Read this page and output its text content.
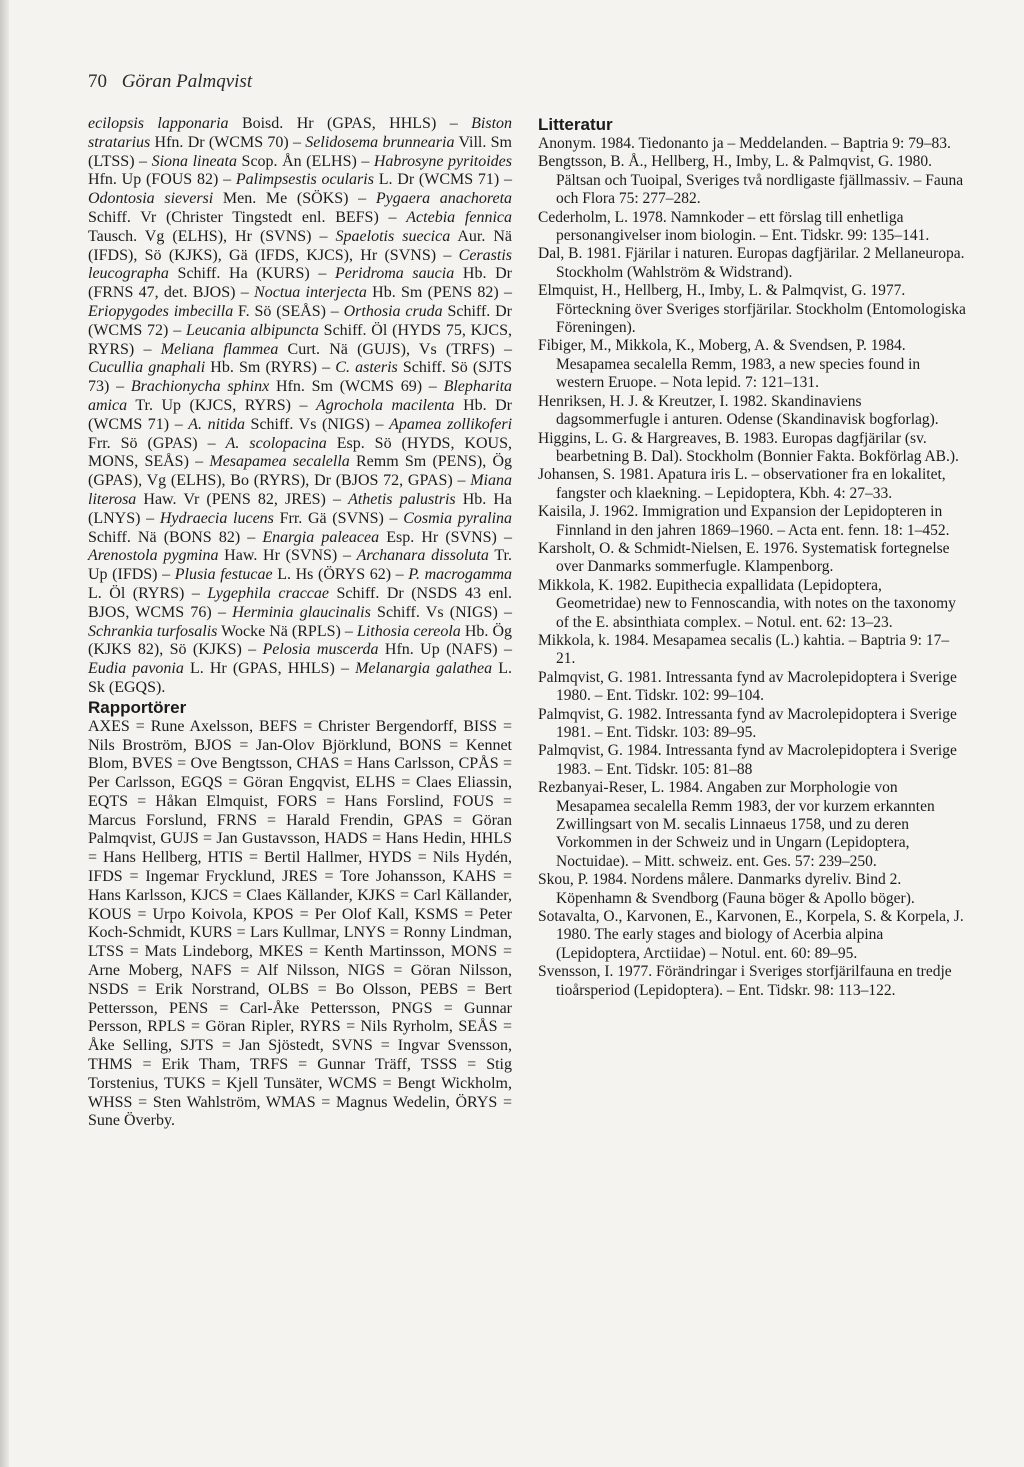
70 Göran Palmqvist

ecilopsis lapponaria Boisd. Hr (GPAS, HHLS) – Biston stratarius Hfn. Dr (WCMS 70) – Selidosema brunnearia Vill. Sm (LTSS) – Siona lineata Scop. Ån (ELHS) – Habrosyne pyritoides Hfn. Up (FOUS 82) – Palimpsestis ocularis L. Dr (WCMS 71) – Odontosia sieversi Men. Me (SÖKS) – Pygaera anachoreta Schiff. Vr (Christer Tingstedt enl. BEFS) – Actebia fennica Tausch. Vg (ELHS), Hr (SVNS) – Spaelotis suecica Aur. Nä (IFDS), Sö (KJKS), Gä (IFDS, KJCS), Hr (SVNS) – Cerastis leucographa Schiff. Ha (KURS) – Peridroma saucia Hb. Dr (FRNS 47, det. BJOS) – Noctua interjecta Hb. Sm (PENS 82) – Eriopygodes imbecilla F. Sö (SEÅS) – Orthosia cruda Schiff. Dr (WCMS 72) – Leucania albipuncta Schiff. Öl (HYDS 75, KJCS, RYRS) – Meliana flammea Curt. Nä (GUJS), Vs (TRFS) – Cucullia gnaphali Hb. Sm (RYRS) – C. asteris Schiff. Sö (SJTS 73) – Brachionycha sphinx Hfn. Sm (WCMS 69) – Blepharita amica Tr. Up (KJCS, RYRS) – Agrochola macilenta Hb. Dr (WCMS 71) – A. nitida Schiff. Vs (NIGS) – Apamea zollikoferi Frr. Sö (GPAS) – A. scolopacina Esp. Sö (HYDS, KOUS, MONS, SEÅS) – Mesapamea secalella Remm Sm (PENS), Ög (GPAS), Vg (ELHS), Bo (RYRS), Dr (BJOS 72, GPAS) – Miana literosa Haw. Vr (PENS 82, JRES) – Athetis palustris Hb. Ha (LNYS) – Hydraecia lucens Frr. Gä (SVNS) – Cosmia pyralina Schiff. Nä (BONS 82) – Enargia paleacea Esp. Hr (SVNS) – Arenostola pygmina Haw. Hr (SVNS) – Archanara dissoluta Tr. Up (IFDS) – Plusia festucae L. Hs (ÖRYS 62) – P. macrogamma L. Öl (RYRS) – Lygephila craccae Schiff. Dr (NSDS 43 enl. BJOS, WCMS 76) – Herminia glaucinalis Schiff. Vs (NIGS) – Schrankia turfosalis Wocke Nä (RPLS) – Lithosia cereola Hb. Ög (KJKS 82), Sö (KJKS) – Pelosia muscerda Hfn. Up (NAFS) – Eudia pavonia L. Hr (GPAS, HHLS) – Melanargia galathea L. Sk (EGQS).

Rapportörer

AXES = Rune Axelsson, BEFS = Christer Bergendorff, BISS = Nils Broström, BJOS = Jan-Olov Björklund, BONS = Kennet Blom, BVES = Ove Bengtsson, CHAS = Hans Carlsson, CPÅS = Per Carlsson, EGQS = Göran Engqvist, ELHS = Claes Eliassin, EQTS = Håkan Elmquist, FORS = Hans Forslind, FOUS = Marcus Forslund, FRNS = Harald Frendin, GPAS = Göran Palmqvist, GUJS = Jan Gustavsson, HADS = Hans Hedin, HHLS = Hans Hellberg, HTIS = Bertil Hallmer, HYDS = Nils Hydén, IFDS = Ingemar Frycklund, JRES = Tore Johansson, KAHS = Hans Karlsson, KJCS = Claes Källander, KJKS = Carl Källander, KOUS = Urpo Koivola, KPOS = Per Olof Kall, KSMS = Peter Koch-Schmidt, KURS = Lars Kullmar, LNYS = Ronny Lindman, LTSS = Mats Lindeborg, MKES = Kenth Martinsson, MONS = Arne Moberg, NAFS = Alf Nilsson, NIGS = Göran Nilsson, NSDS = Erik Norstrand, OLBS = Bo Olsson, PEBS = Bert Pettersson, PENS = Carl-Åke Pettersson, PNGS = Gunnar Persson, RPLS = Göran Ripler, RYRS = Nils Ryrholm, SEÅS = Åke Selling, SJTS = Jan Sjöstedt, SVNS = Ingvar Svensson, THMS = Erik Tham, TRFS = Gunnar Träff, TSSS = Stig Torstenius, TUKS = Kjell Tunsäter, WCMS = Bengt Wickholm, WHSS = Sten Wahlström, WMAS = Magnus Wedelin, ÖRYS = Sune Överby.

Litteratur
Anonym. 1984. Tiedonanto ja – Meddelanden. – Baptria 9: 79–83.
Bengtsson, B. Å., Hellberg, H., Imby, L. & Palmqvist, G. 1980. Pältsan och Tuoipal, Sveriges två nordligaste fjällmassiv. – Fauna och Flora 75: 277–282.
Cederholm, L. 1978. Namnkoder – ett förslag till enhetliga personangivelser inom biologin. – Ent. Tidskr. 99: 135–141.
Dal, B. 1981. Fjärilar i naturen. Europas dagfjärilar. 2 Mellaneuropa. Stockholm (Wahlström & Widstrand).
Elmquist, H., Hellberg, H., Imby, L. & Palmqvist, G. 1977. Förteckning över Sveriges storfjärilar. Stockholm (Entomologiska Föreningen).
Fibiger, M., Mikkola, K., Moberg, A. & Svendsen, P. 1984. Mesapamea secalella Remm, 1983, a new species found in western Eruope. – Nota lepid. 7: 121–131.
Henriksen, H. J. & Kreutzer, I. 1982. Skandinaviens dagsommerfugle i anturen. Odense (Skandinavisk bogforlag).
Higgins, L. G. & Hargreaves, B. 1983. Europas dagfjärilar (sv. bearbetning B. Dal). Stockholm (Bonnier Fakta. Bokförlag AB.).
Johansen, S. 1981. Apatura iris L. – observationer fra en lokalitet, fangster och klaekning. – Lepidoptera, Kbh. 4: 27–33.
Kaisila, J. 1962. Immigration und Expansion der Lepidopteren in Finnland in den jahren 1869–1960. – Acta ent. fenn. 18: 1–452.
Karsholt, O. & Schmidt-Nielsen, E. 1976. Systematisk fortegnelse over Danmarks sommerfugle. Klampenborg.
Mikkola, K. 1982. Eupithecia expallidata (Lepidoptera, Geometridae) new to Fennoscandia, with notes on the taxonomy of the E. absinthiata complex. – Notul. ent. 62: 13–23.
Mikkola, k. 1984. Mesapamea secalis (L.) kahtia. – Baptria 9: 17–21.
Palmqvist, G. 1981. Intressanta fynd av Macrolepidoptera i Sverige 1980. – Ent. Tidskr. 102: 99–104.
Palmqvist, G. 1982. Intressanta fynd av Macrolepidoptera i Sverige 1981. – Ent. Tidskr. 103: 89–95.
Palmqvist, G. 1984. Intressanta fynd av Macrolepidoptera i Sverige 1983. – Ent. Tidskr. 105: 81–88
Rezbanyai-Reser, L. 1984. Angaben zur Morphologie von Mesapamea secalella Remm 1983, der vor kurzem erkannten Zwillingsart von M. secalis Linnaeus 1758, und zu deren Vorkommen in der Schweiz und in Ungarn (Lepidoptera, Noctuidae). – Mitt. schweiz. ent. Ges. 57: 239–250.
Skou, P. 1984. Nordens målere. Danmarks dyreliv. Bind 2. Köpenhamn & Svendborg (Fauna böger & Apollo böger).
Sotavalta, O., Karvonen, E., Karvonen, E., Korpela, S. & Korpela, J. 1980. The early stages and biology of Acerbia alpina (Lepidoptera, Arctiidae) – Notul. ent. 60: 89–95.
Svensson, I. 1977. Förändringar i Sveriges storfjärilfauna en tredje tioårsperiod (Lepidoptera). – Ent. Tidskr. 98: 113–122.
